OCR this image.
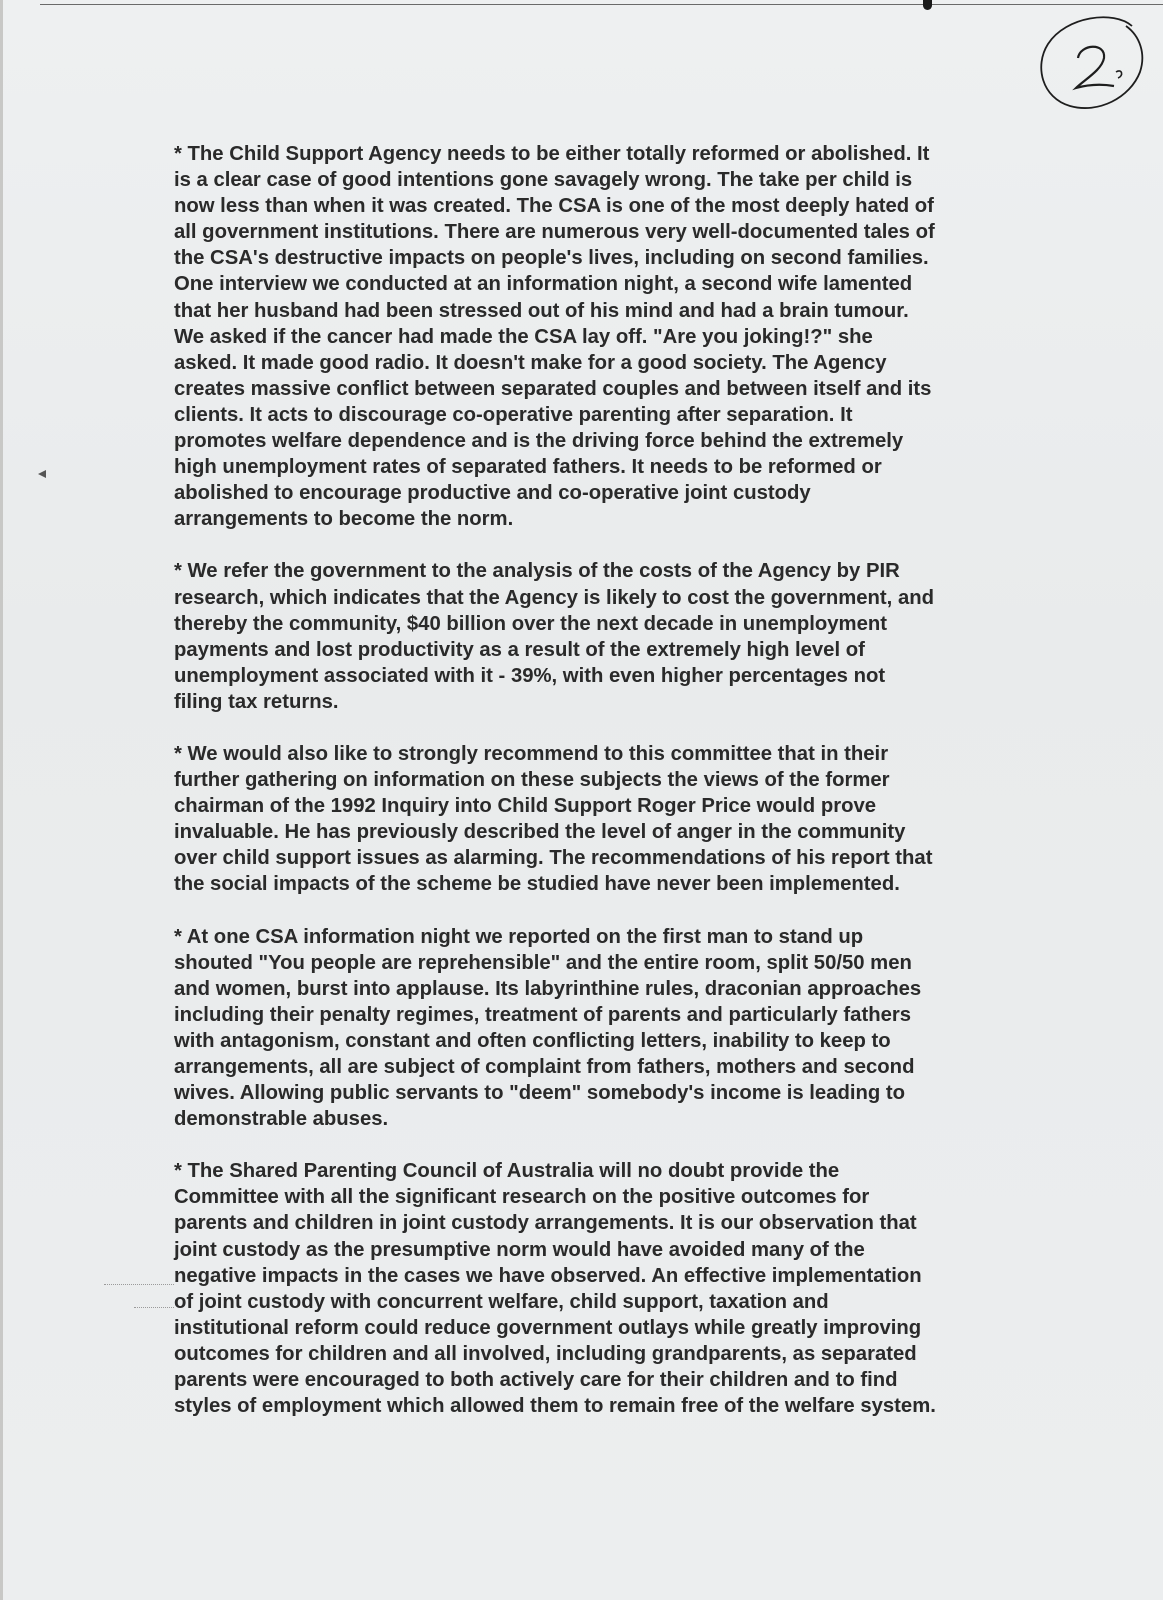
* The Child Support Agency needs to be either totally reformed or abolished. It
is a clear case of good intentions gone savagely wrong. The take per child is
now less than when it was created. The CSA is one of the most deeply hated of
all government institutions. There are numerous very well-documented tales of
the CSA's destructive impacts on people's lives, including on second families.
One interview we conducted at an information night, a second wife lamented
that her husband had been stressed out of his mind and had a brain tumour.
We asked if the cancer had made the CSA lay off. "Are you joking!?" she
asked. It made good radio. It doesn't make for a good society. The Agency
creates massive conflict between separated couples and between itself and its
clients. It acts to discourage co-operative parenting after separation. It
promotes welfare dependence and is the driving force behind the extremely
high unemployment rates of separated fathers. It needs to be reformed or
abolished to encourage productive and co-operative joint custody
arrangements to become the norm.

* We refer the government to the analysis of the costs of the Agency by PIR
research, which indicates that the Agency is likely to cost the government, and
thereby the community, $40 billion over the next decade in unemployment
payments and lost productivity as a result of the extremely high level of
unemployment associated with it - 39%, with even higher percentages not
filing tax returns.

* We would also like to strongly recommend to this committee that in their
further gathering on information on these subjects the views of the former
chairman of the 1992 Inquiry into Child Support Roger Price would prove
invaluable. He has previously described the level of anger in the community
over child support issues as alarming. The recommendations of his report that
the social impacts of the scheme be studied have never been implemented.

* At one CSA information night we reported on the first man to stand up
shouted "You people are reprehensible" and the entire room, split 50/50 men
and women, burst into applause. Its labyrinthine rules, draconian approaches
including their penalty regimes, treatment of parents and particularly fathers
with antagonism, constant and often conflicting letters, inability to keep to
arrangements, all are subject of complaint from fathers, mothers and second
wives. Allowing public servants to "deem" somebody's income is leading to
demonstrable abuses.

* The Shared Parenting Council of Australia will no doubt provide the
Committee with all the significant research on the positive outcomes for
parents and children in joint custody arrangements. It is our observation that
joint custody as the presumptive norm would have avoided many of the
negative impacts in the cases we have observed. An effective implementation
of joint custody with concurrent welfare, child support, taxation and
institutional reform could reduce government outlays while greatly improving
outcomes for children and all involved, including grandparents, as separated
parents were encouraged to both actively care for their children and to find
styles of employment which allowed them to remain free of the welfare system.
